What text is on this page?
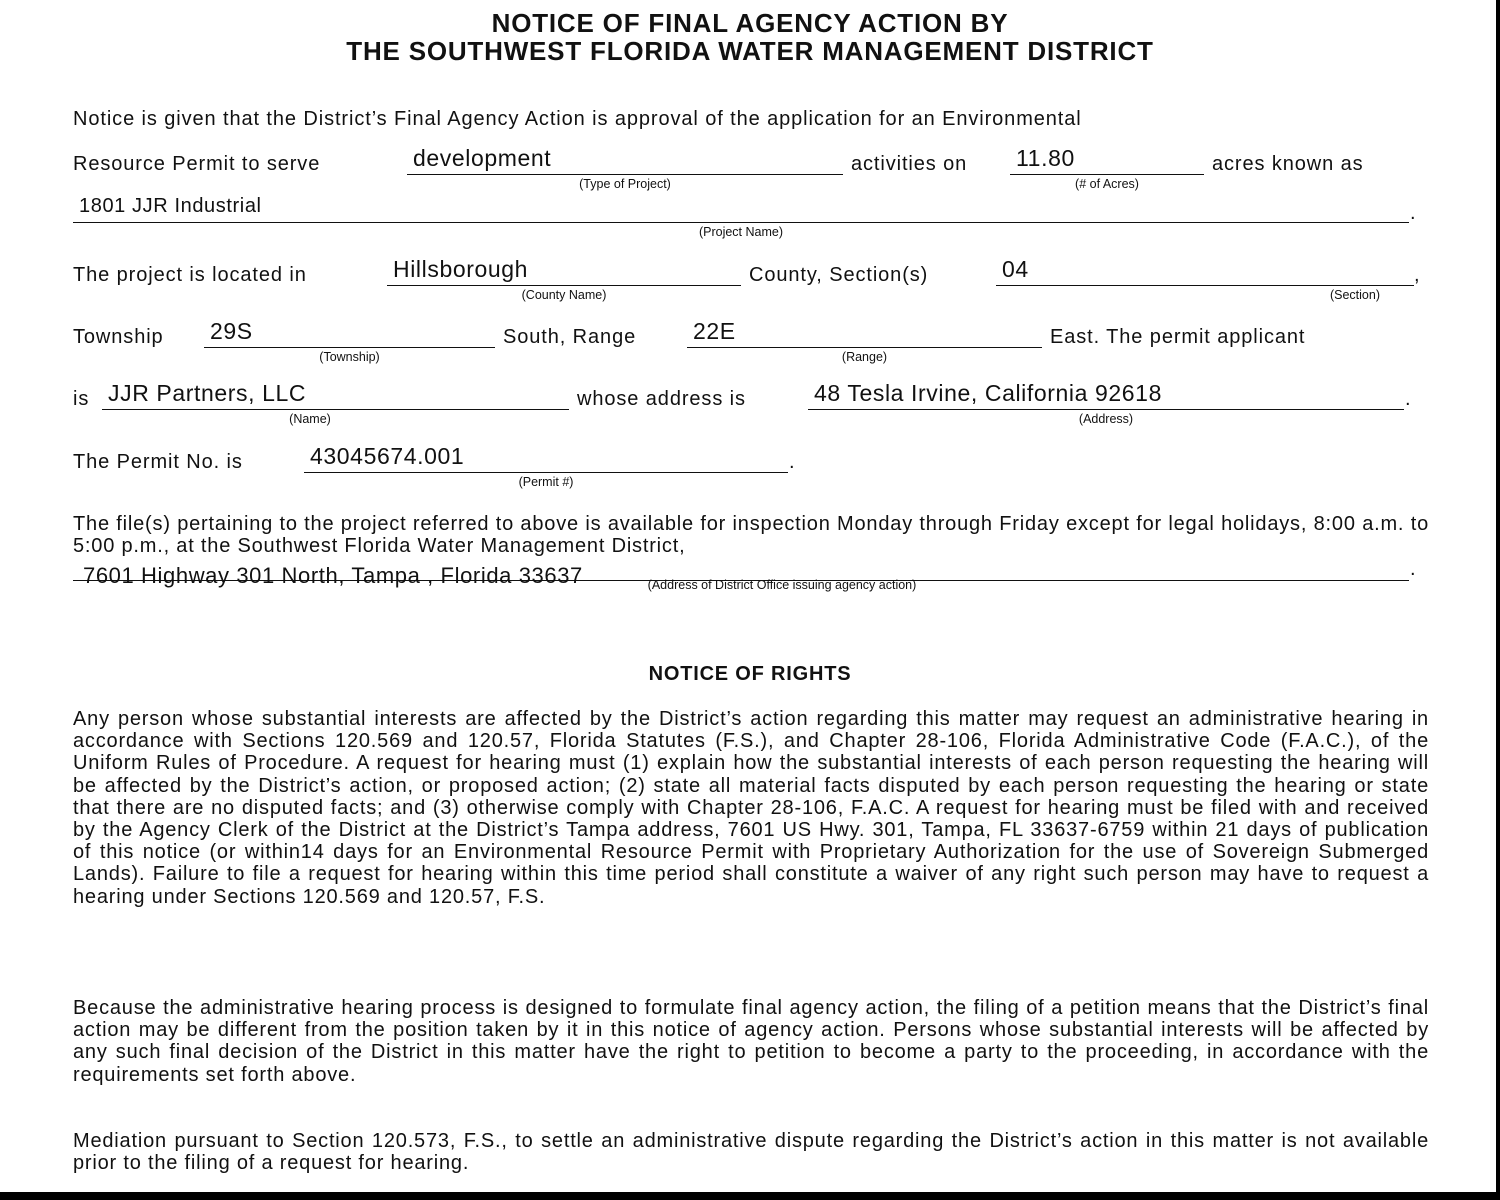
NOTICE OF FINAL AGENCY ACTION BY
THE SOUTHWEST FLORIDA WATER MANAGEMENT DISTRICT
Notice is given that the District’s Final Agency Action is approval of the application for an Environmental
Resource Permit to serve	development
(Type of Project)
activities on 11.80
(# of Acres)
acres known as
1801 JJR Industrial
(Project Name)
.
The project is located in	Hillsborough
(County Name)
County, Section(s)	04
(Section)
,
Township 29S
(Township)
South, Range 22E
(Range)
East. The permit applicant
is JJR Partners, LLC
(Name)
whose address is	48 Tesla Irvine, California 92618
(Address)
.
The Permit No. is	43045674.001
(Permit #)
.
The file(s) pertaining to the project referred to above is available for inspection Monday through Friday except for legal holidays, 8:00 a.m. to 5:00 p.m., at the Southwest Florida Water Management District,
7601 Highway 301 North, Tampa , Florida 33637	(Address of District Office issuing agency action)
.
NOTICE OF RIGHTS
Any person whose substantial interests are affected by the District’s action regarding this matter may request an administrative hearing in accordance with Sections 120.569 and 120.57, Florida Statutes (F.S.), and Chapter 28-106, Florida Administrative Code (F.A.C.), of the Uniform Rules of Procedure. A request for hearing must (1) explain how the substantial interests of each person requesting the hearing will be affected by the District’s action, or proposed action; (2) state all material facts disputed by each person requesting the hearing or state that there are no disputed facts; and (3) otherwise comply with Chapter 28-106, F.A.C. A request for hearing must be filed with and received by the Agency Clerk of the District at the District’s Tampa address, 7601 US Hwy. 301, Tampa, FL 33637-6759 within 21 days of publication of this notice (or within14 days for an Environmental Resource Permit with Proprietary Authorization for the use of Sovereign Submerged Lands). Failure to file a request for hearing within this time period shall constitute a waiver of any right such person may have to request a hearing under Sections 120.569 and 120.57, F.S.
Because the administrative hearing process is designed to formulate final agency action, the filing of a petition means that the District’s final action may be different from the position taken by it in this notice of agency action. Persons whose substantial interests will be affected by any such final decision of the District in this matter have the right to petition to become a party to the proceeding, in accordance with the requirements set forth above.
Mediation pursuant to Section 120.573, F.S., to settle an administrative dispute regarding the District’s action in this matter is not available prior to the filing of a request for hearing.
